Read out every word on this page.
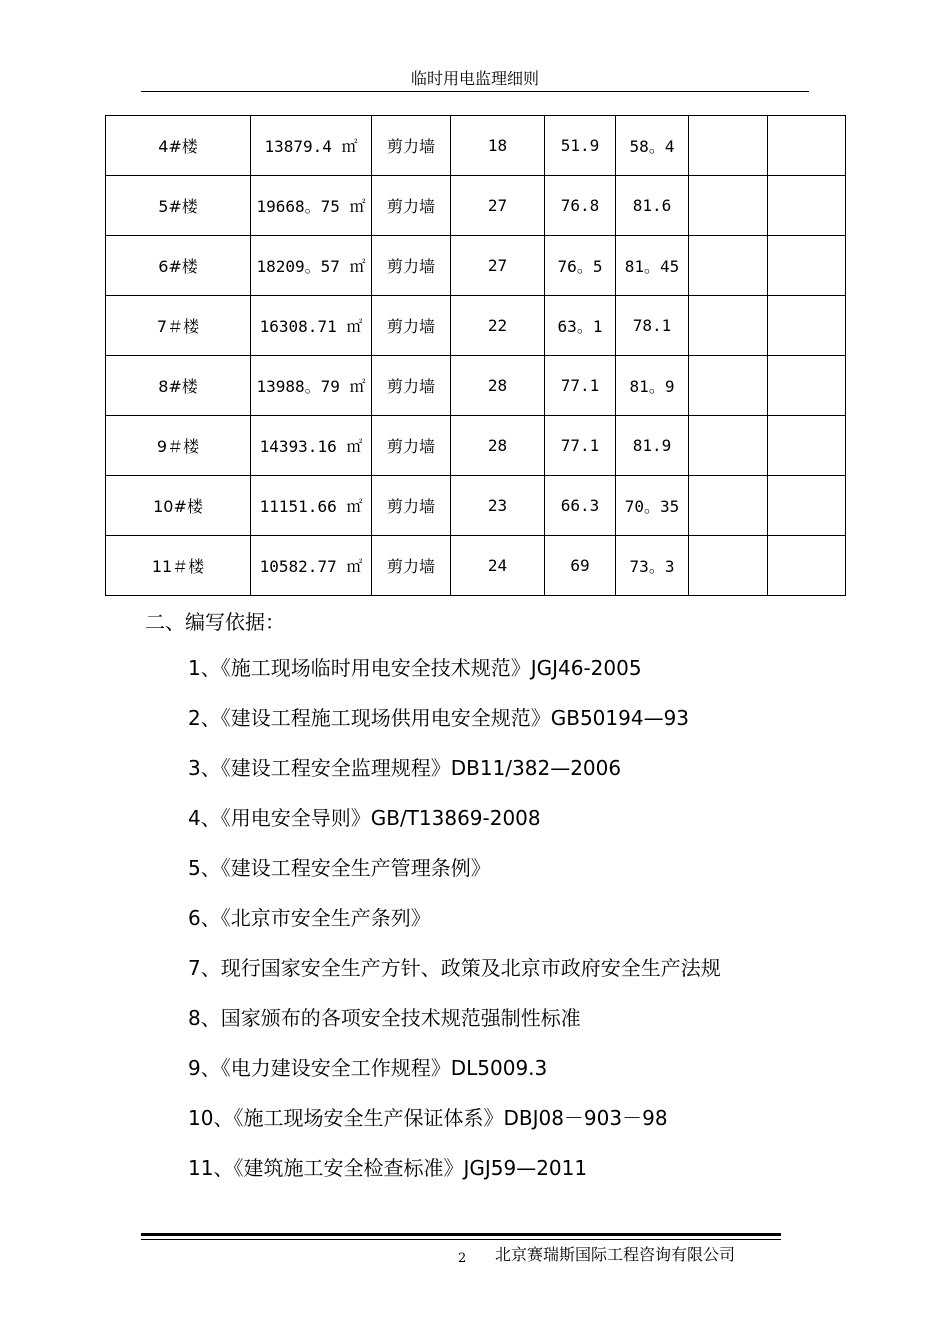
临时用电监理细则
4#楼	13879.4 ㎡	剪力墙	18	51.9	58。4		
5#楼	19668。75 ㎡	剪力墙	27	76.8	81.6		
6#楼	18209。57 ㎡	剪力墙	27	76。5	81。45		
7＃楼	16308.71 ㎡	剪力墙	22	63。1	78.1		
8#楼	13988。79 ㎡	剪力墙	28	77.1	81。9		
9＃楼	14393.16 ㎡	剪力墙	28	77.1	81.9		
10#楼	11151.66 ㎡	剪力墙	23	66.3	70。35		
11＃楼	10582.77 ㎡	剪力墙	24	69	73。3		
二、编写依据：
1、《施工现场临时用电安全技术规范》JGJ46-2005
2、《建设工程施工现场供用电安全规范》GB50194—93
3、《建设工程安全监理规程》DB11/382—2006
4、《用电安全导则》GB/T13869-2008
5、《建设工程安全生产管理条例》
6、《北京市安全生产条列》
7、现行国家安全生产方针、政策及北京市政府安全生产法规
8、国家颁布的各项安全技术规范强制性标准
9、《电力建设安全工作规程》DL5009.3
10、《施工现场安全生产保证体系》DBJ08－903－98
11、《建筑施工安全检查标准》JGJ59—2011
2 北京赛瑞斯国际工程咨询有限公司
